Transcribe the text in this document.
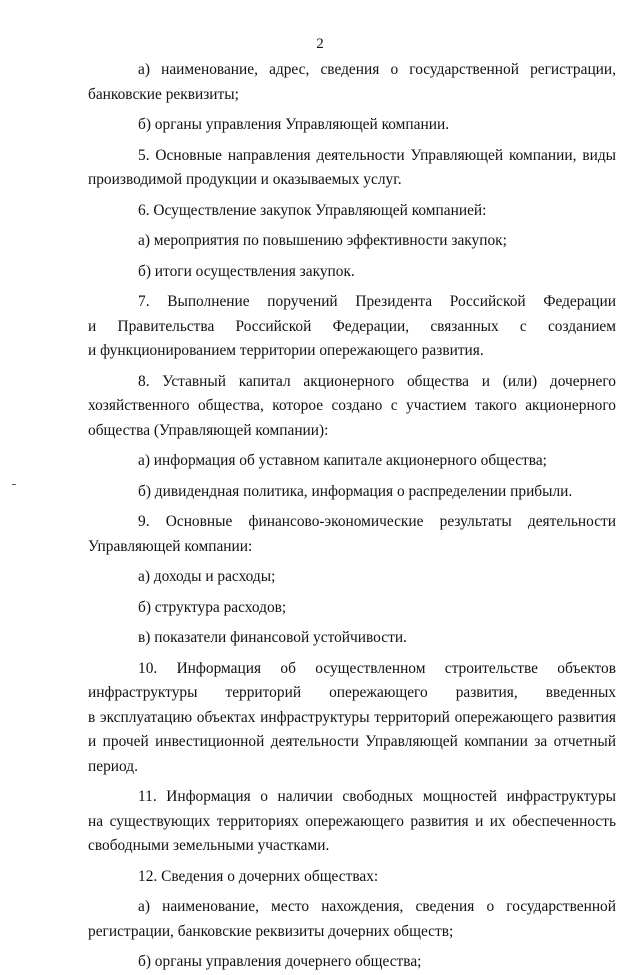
2
а) наименование, адрес, сведения о государственной регистрации,
банковские реквизиты;
б) органы управления Управляющей компании.
5. Основные направления деятельности Управляющей компании, виды
производимой продукции и оказываемых услуг.
6. Осуществление закупок Управляющей компанией:
а) мероприятия по повышению эффективности закупок;
б) итоги осуществления закупок.
7. Выполнение поручений Президента Российской Федерации
и Правительства Российской Федерации, связанных с созданием
и функционированием территории опережающего развития.
8. Уставный капитал акционерного общества и (или) дочернего
хозяйственного общества, которое создано с участием такого акционерного
общества (Управляющей компании):
а) информация об уставном капитале акционерного общества;
б) дивидендная политика, информация о распределении прибыли.
9. Основные финансово-экономические результаты деятельности
Управляющей компании:
а) доходы и расходы;
б) структура расходов;
в) показатели финансовой устойчивости.
10. Информация об осуществленном строительстве объектов
инфраструктуры территорий опережающего развития, введенных
в эксплуатацию объектах инфраструктуры территорий опережающего развития
и прочей инвестиционной деятельности Управляющей компании за отчетный
период.
11. Информация о наличии свободных мощностей инфраструктуры
на существующих территориях опережающего развития и их обеспеченность
свободными земельными участками.
12. Сведения о дочерних обществах:
а) наименование, место нахождения, сведения о государственной
регистрации, банковские реквизиты дочерних обществ;
б) органы управления дочернего общества;
